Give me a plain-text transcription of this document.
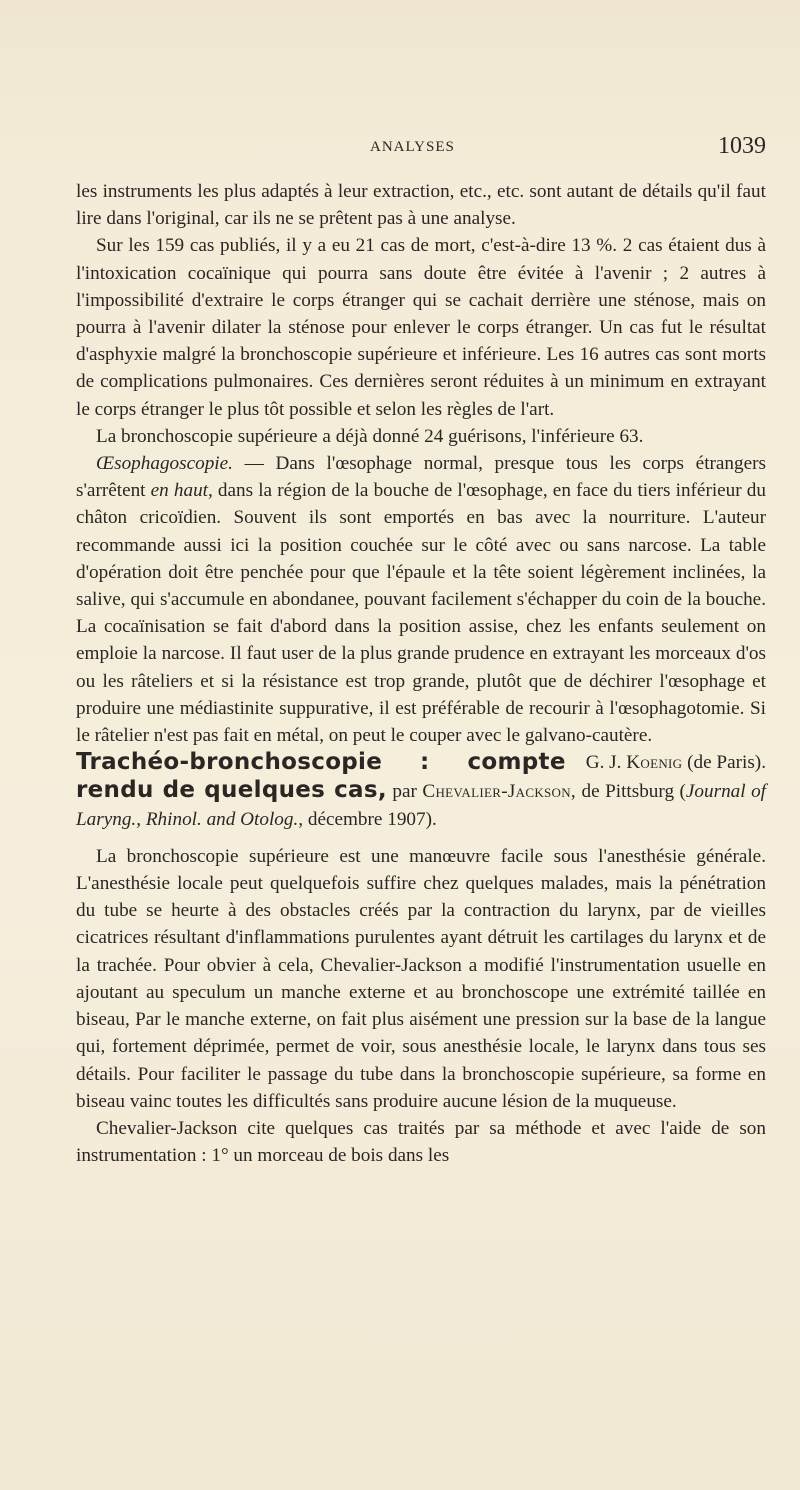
ANALYSES	1039

les instruments les plus adaptés à leur extraction, etc., etc. sont autant de détails qu'il faut lire dans l'original, car ils ne se prêtent pas à une analyse.

Sur les 159 cas publiés, il y a eu 21 cas de mort, c'est-à-dire 13 %. 2 cas étaient dus à l'intoxication cocaïnique qui pourra sans doute être évitée à l'avenir ; 2 autres à l'impossibilité d'extraire le corps étranger qui se cachait derrière une sténose, mais on pourra à l'avenir dilater la sténose pour enlever le corps étranger. Un cas fut le résultat d'asphyxie malgré la bronchoscopie supérieure et inférieure. Les 16 autres cas sont morts de complications pulmonaires. Ces dernières seront réduites à un minimum en extrayant le corps étranger le plus tôt possible et selon les règles de l'art.

La bronchoscopie supérieure a déjà donné 24 guérisons, l'inférieure 63.

Œsophagoscopie. — Dans l'œsophage normal, presque tous les corps étrangers s'arrêtent en haut, dans la région de la bouche de l'œsophage, en face du tiers inférieur du châton cricoïdien. Souvent ils sont emportés en bas avec la nourriture. L'auteur recommande aussi ici la position couchée sur le côté avec ou sans narcose. La table d'opération doit être penchée pour que l'épaule et la tête soient légèrement inclinées, la salive, qui s'accumule en abondanee, pouvant facilement s'échapper du coin de la bouche. La cocaïnisation se fait d'abord dans la position assise, chez les enfants seulement on emploie la narcose. Il faut user de la plus grande prudence en extrayant les morceaux d'os ou les râteliers et si la résistance est trop grande, plutôt que de déchirer l'œsophage et produire une médiastinite suppurative, il est préférable de recourir à l'œsophagotomie. Si le râtelier n'est pas fait en métal, on peut le couper avec le galvano-cautère.
G. J. Koenig (de Paris).

Trachéo-bronchoscopie : compte rendu de quelques cas, par Chevalier-Jackson, de Pittsburg (Journal of Laryng., Rhinol. and Otolog., décembre 1907).

La bronchoscopie supérieure est une manœuvre facile sous l'anesthésie générale. L'anesthésie locale peut quelquefois suffire chez quelques malades, mais la pénétration du tube se heurte à des obstacles créés par la contraction du larynx, par de vieilles cicatrices résultant d'inflammations purulentes ayant détruit les cartilages du larynx et de la trachée. Pour obvier à cela, Chevalier-Jackson a modifié l'instrumentation usuelle en ajoutant au speculum un manche externe et au bronchoscope une extrémité taillée en biseau, Par le manche externe, on fait plus aisément une pression sur la base de la langue qui, fortement déprimée, permet de voir, sous anesthésie locale, le larynx dans tous ses détails. Pour faciliter le passage du tube dans la bronchoscopie supérieure, sa forme en biseau vainc toutes les difficultés sans produire aucune lésion de la muqueuse.

Chevalier-Jackson cite quelques cas traités par sa méthode et avec l'aide de son instrumentation : 1° un morceau de bois dans les
